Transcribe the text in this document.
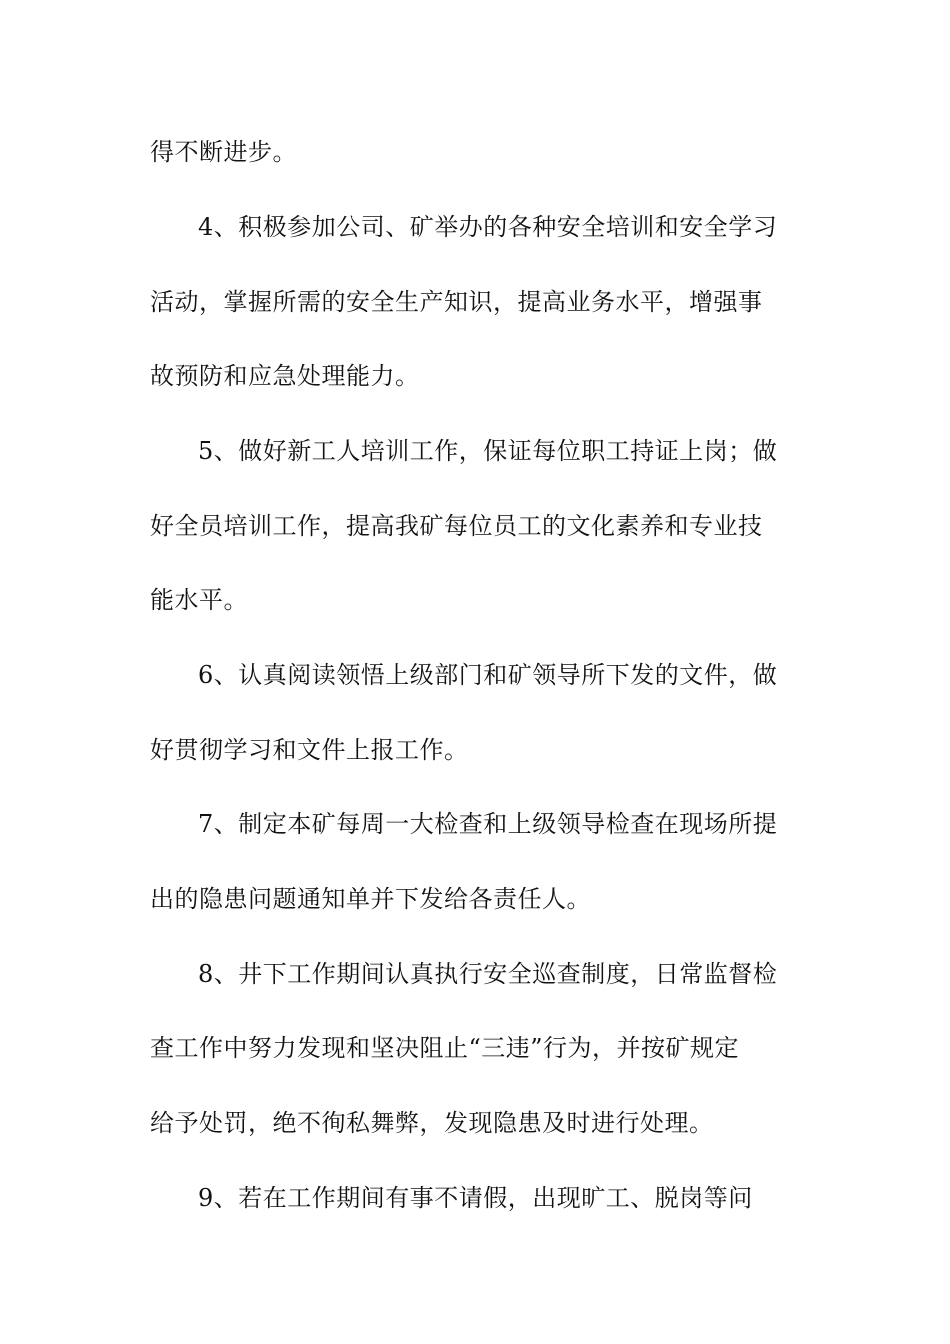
得不断进步。
4、积极参加公司、矿举办的各种安全培训和安全学习
活动，掌握所需的安全生产知识，提高业务水平，增强事
故预防和应急处理能力。
5、做好新工人培训工作，保证每位职工持证上岗；做
好全员培训工作，提高我矿每位员工的文化素养和专业技
能水平。
6、认真阅读领悟上级部门和矿领导所下发的文件，做
好贯彻学习和文件上报工作。
7、制定本矿每周一大检查和上级领导检查在现场所提
出的隐患问题通知单并下发给各责任人。
8、井下工作期间认真执行安全巡查制度，日常监督检
查工作中努力发现和坚决阻止“三违”行为，并按矿规定
给予处罚，绝不徇私舞弊，发现隐患及时进行处理。
9、若在工作期间有事不请假，出现旷工、脱岗等问
